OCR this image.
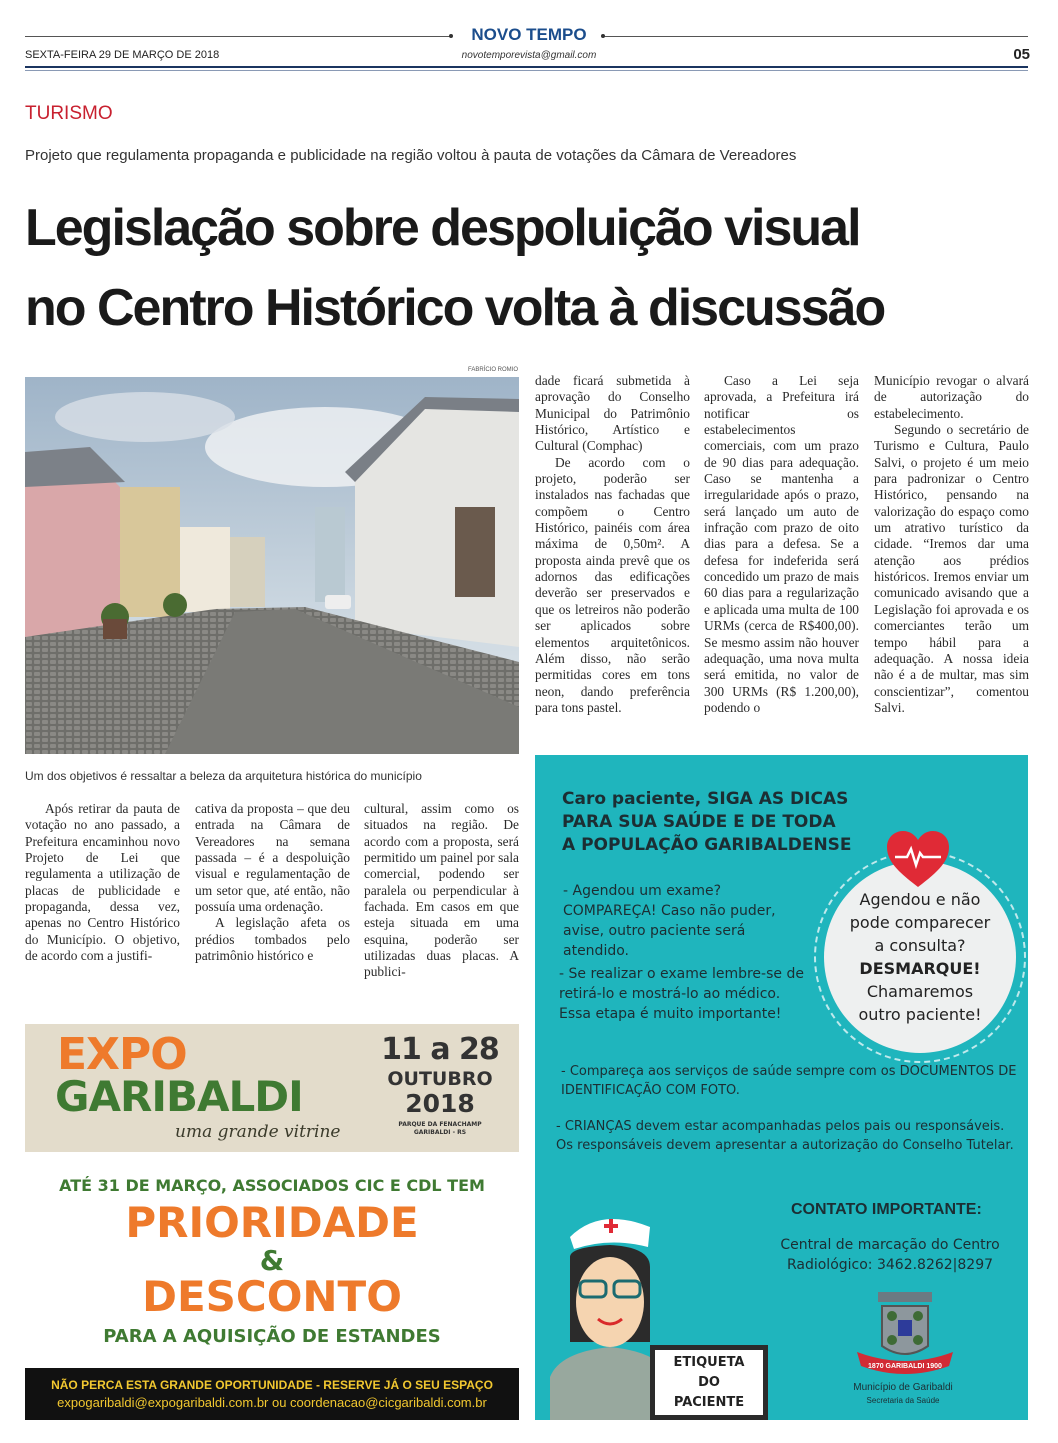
NOVO TEMPO
SEXTA-FEIRA 29 DE MARÇO DE 2018	novotemporevista@gmail.com	05
TURISMO
Projeto que regulamenta propaganda e publicidade na região voltou à pauta de votações da Câmara de Vereadores
Legislação sobre despoluição visual
no Centro Histórico volta à discussão
FABRÍCIO ROMIO
Um dos objetivos é ressaltar a beleza da arquitetura histórica do município

Após retirar da pauta de votação no ano passado, a Prefeitura encaminhou novo Projeto de Lei que regulamenta a utilização de placas de publicidade e propaganda, dessa vez, apenas no Centro Histórico do Município. O objetivo, de acordo com a justifi-

cativa da proposta – que deu entrada na Câmara de Vereadores na semana passada – é a despoluição visual e regulamentação de um setor que, até então, não possuía uma ordenação.

A legislação afeta os prédios tombados pelo patrimônio histórico e

cultural, assim como os situados na região. De acordo com a proposta, será permitido um painel por sala comercial, podendo ser paralela ou perpendicular à fachada. Em casos em que esteja situada em uma esquina, poderão ser utilizadas duas placas. A publici-

dade ficará submetida à aprovação do Conselho Municipal do Patrimônio Histórico, Artístico e Cultural (Comphac)

De acordo com o projeto, poderão ser instalados nas fachadas que compõem o Centro Histórico, painéis com área máxima de 0,50m². A proposta ainda prevê que os adornos das edificações deverão ser preservados e que os letreiros não poderão ser aplicados sobre elementos arquitetônicos. Além disso, não serão permitidas cores em tons neon, dando preferência para tons pastel.

Caso a Lei seja aprovada, a Prefeitura irá notificar os estabelecimentos comerciais, com um prazo de 90 dias para adequação. Caso se mantenha a irregularidade após o prazo, será lançado um auto de infração com prazo de oito dias para a defesa. Se a defesa for indeferida será concedido um prazo de mais 60 dias para a regularização e aplicada uma multa de 100 URMs (cerca de R$400,00). Se mesmo assim não houver adequação, uma nova multa será emitida, no valor de 300 URMs (R$ 1.200,00), podendo o

Município revogar o alvará de autorização do estabelecimento.

Segundo o secretário de Turismo e Cultura, Paulo Salvi, o projeto é um meio para padronizar o Centro Histórico, pensando na valorização do espaço como um atrativo turístico da cidade. “Iremos dar uma atenção aos prédios históricos. Iremos enviar um comunicado avisando que a Legislação foi aprovada e os comerciantes terão um tempo hábil para a adequação. A nossa ideia não é a de multar, mas sim conscientizar”, comentou Salvi.

EXPO
GARIBALDI
uma grande vitrine
11 a 28
OUTUBRO
2018
PARQUE DA FENACHAMP
GARIBALDI - RS
ATÉ 31 DE MARÇO, ASSOCIADOS CIC E CDL TEM
PRIORIDADE
&
DESCONTO
PARA A AQUISIÇÃO DE ESTANDES
NÃO PERCA ESTA GRANDE OPORTUNIDADE - RESERVE JÁ O SEU ESPAÇO
expogaribaldi@expogaribaldi.com.br ou coordenacao@cicgaribaldi.com.br
Caro paciente, SIGA AS DICAS
PARA SUA SAÚDE E DE TODA
A POPULAÇÃO GARIBALDENSE
- Agendou um exame? COMPAREÇA! Caso não puder, avise, outro paciente será atendido.
- Se realizar o exame lembre-se de retirá-lo e mostrá-lo ao médico. Essa etapa é muito importante!
- Compareça aos serviços de saúde sempre com os DOCUMENTOS DE IDENTIFICAÇÃO COM FOTO.
- CRIANÇAS devem estar acompanhadas pelos pais ou responsáveis. Os responsáveis devem apresentar a autorização do Conselho Tutelar.
Agendou e não
pode comparecer
a consulta?
DESMARQUE!
Chamaremos
outro paciente!
CONTATO IMPORTANTE:
Central de marcação do Centro
Radiológico: 3462.8262|8297
1870 GARIBALDI 1900
Município de Garibaldi
Secretaria da Saúde
ETIQUETA
DO
PACIENTE
